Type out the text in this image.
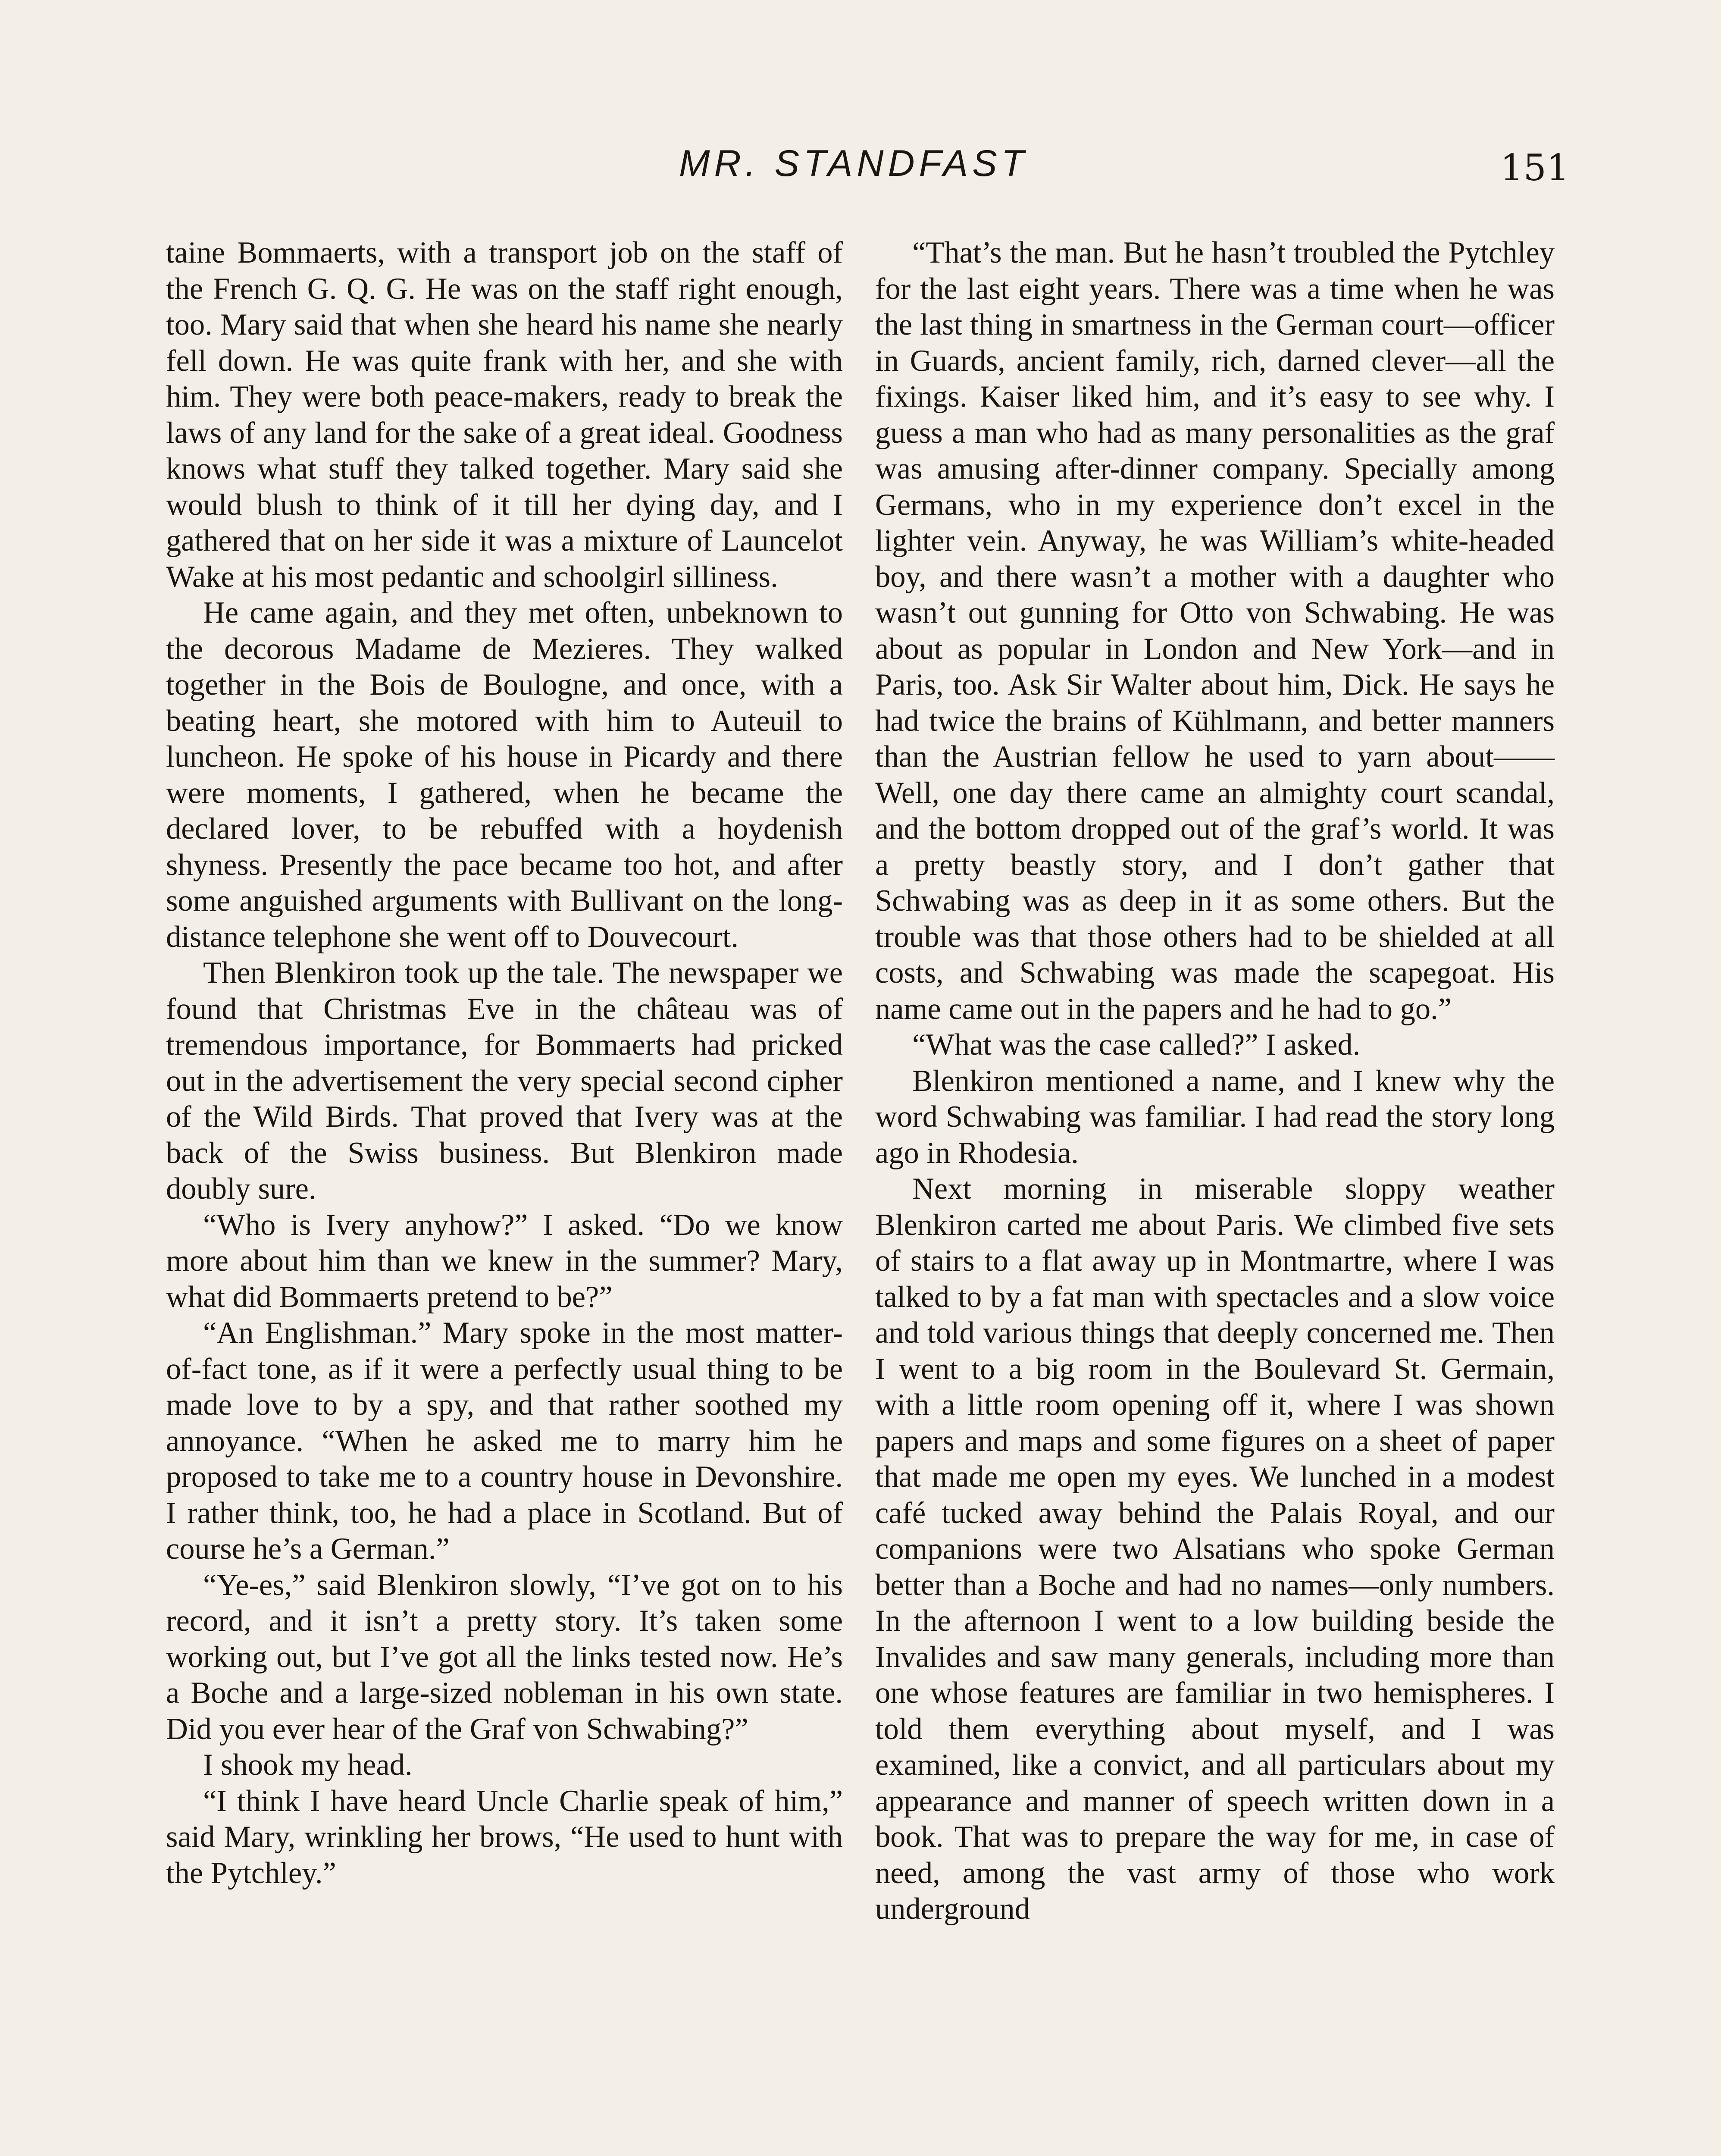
MR. STANDFAST	151

taine Bommaerts, with a transport job on the staff of the French G. Q. G. He was on the staff right enough, too. Mary said that when she heard his name she nearly fell down. He was quite frank with her, and she with him. They were both peace-makers, ready to break the laws of any land for the sake of a great ideal. Goodness knows what stuff they talked together. Mary said she would blush to think of it till her dying day, and I gathered that on her side it was a mixture of Launcelot Wake at his most pedantic and schoolgirl silliness.

He came again, and they met often, unbeknown to the decorous Madame de Mezieres. They walked together in the Bois de Boulogne, and once, with a beating heart, she motored with him to Auteuil to luncheon. He spoke of his house in Picardy and there were moments, I gathered, when he became the declared lover, to be rebuffed with a hoydenish shyness. Presently the pace became too hot, and after some anguished arguments with Bullivant on the long-distance telephone she went off to Douvecourt.

Then Blenkiron took up the tale. The newspaper we found that Christmas Eve in the château was of tremendous importance, for Bommaerts had pricked out in the advertisement the very special second cipher of the Wild Birds. That proved that Ivery was at the back of the Swiss business. But Blenkiron made doubly sure.

“Who is Ivery anyhow?” I asked. “Do we know more about him than we knew in the summer? Mary, what did Bommaerts pretend to be?”

“An Englishman.” Mary spoke in the most matter-of-fact tone, as if it were a perfectly usual thing to be made love to by a spy, and that rather soothed my annoyance. “When he asked me to marry him he proposed to take me to a country house in Devonshire. I rather think, too, he had a place in Scotland. But of course he’s a German.”

“Ye-es,” said Blenkiron slowly, “I’ve got on to his record, and it isn’t a pretty story. It’s taken some working out, but I’ve got all the links tested now. He’s a Boche and a large-sized nobleman in his own state. Did you ever hear of the Graf von Schwabing?”

I shook my head.

“I think I have heard Uncle Charlie speak of him,” said Mary, wrinkling her brows, “He used to hunt with the Pytchley.”

“That’s the man. But he hasn’t troubled the Pytchley for the last eight years. There was a time when he was the last thing in smartness in the German court—officer in Guards, ancient family, rich, darned clever—all the fixings. Kaiser liked him, and it’s easy to see why. I guess a man who had as many personalities as the graf was amusing after-dinner company. Specially among Germans, who in my experience don’t excel in the lighter vein. Anyway, he was William’s white-headed boy, and there wasn’t a mother with a daughter who wasn’t out gunning for Otto von Schwabing. He was about as popular in London and New York—and in Paris, too. Ask Sir Walter about him, Dick. He says he had twice the brains of Kühlmann, and better manners than the Austrian fellow he used to yarn about—— Well, one day there came an almighty court scandal, and the bottom dropped out of the graf’s world. It was a pretty beastly story, and I don’t gather that Schwabing was as deep in it as some others. But the trouble was that those others had to be shielded at all costs, and Schwabing was made the scapegoat. His name came out in the papers and he had to go.”

“What was the case called?” I asked.

Blenkiron mentioned a name, and I knew why the word Schwabing was familiar. I had read the story long ago in Rhodesia.

Next morning in miserable sloppy weather Blenkiron carted me about Paris. We climbed five sets of stairs to a flat away up in Montmartre, where I was talked to by a fat man with spectacles and a slow voice and told various things that deeply concerned me. Then I went to a big room in the Boulevard St. Germain, with a little room opening off it, where I was shown papers and maps and some figures on a sheet of paper that made me open my eyes. We lunched in a modest café tucked away behind the Palais Royal, and our companions were two Alsatians who spoke German better than a Boche and had no names—only numbers. In the afternoon I went to a low building beside the Invalides and saw many generals, including more than one whose features are familiar in two hemispheres. I told them everything about myself, and I was examined, like a convict, and all particulars about my appearance and manner of speech written down in a book. That was to prepare the way for me, in case of need, among the vast army of those who work underground
